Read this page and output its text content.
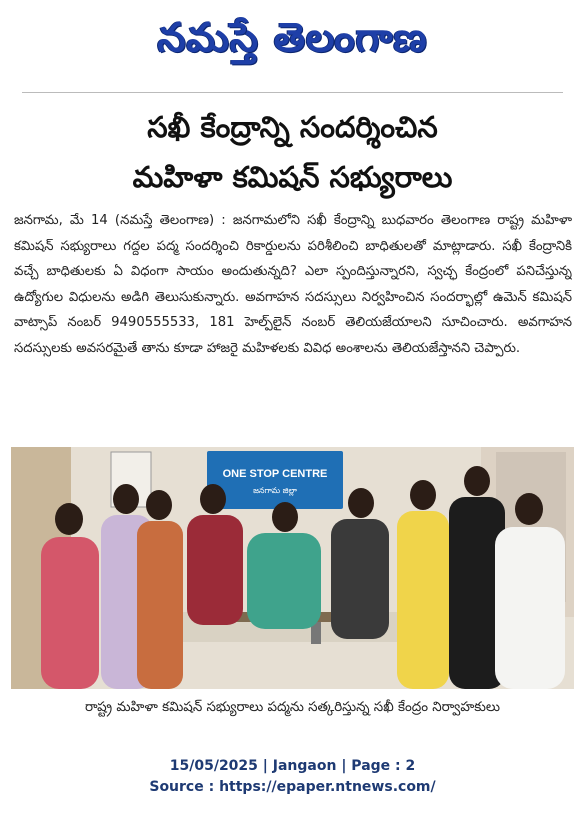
నమస్తే తెలంగాణ
సఖీ కేంద్రాన్ని సందర్శించిన
మహిళా కమిషన్ సభ్యురాలు
జనగామ, మే 14 (నమస్తే తెలంగాణ) : జనగామలోని సఖీ కేంద్రాన్ని బుధవారం తెలంగాణ రాష్ట్ర మహిళా కమిషన్ సభ్యురాలు గద్దల పద్మ సందర్శించి రికార్డులను పరిశీలించి బాధితులతో మాట్లాడారు. సఖీ కేంద్రానికి వచ్చే బాధితులకు ఏ విధంగా సాయం అందుతున్నది? ఎలా స్పందిస్తున్నారని, స్వచ్ఛ కేంద్రంలో పనిచేస్తున్న ఉద్యోగుల విధులను అడిగి తెలుసుకున్నారు. అవగాహన సదస్సులు నిర్వహించిన సందర్భాల్లో ఉమెన్ కమిషన్ వాట్సాప్ నంబర్ 9490555533, 181 హెల్ప్‌లైన్ నంబర్ తెలియజేయాలని సూచించారు. అవగాహన సదస్సులకు అవసరమైతే తాను కూడా హాజరై మహిళలకు వివిధ అంశాలను తెలియజేస్తానని చెప్పారు.
ONE STOP CENTRE
జనగామ జిల్లా
రాష్ట్ర మహిళా కమిషన్ సభ్యురాలు పద్మను సత్కరిస్తున్న సఖీ కేంద్రం నిర్వాహకులు
15/05/2025 | Jangaon | Page : 2
Source : https://epaper.ntnews.com/
